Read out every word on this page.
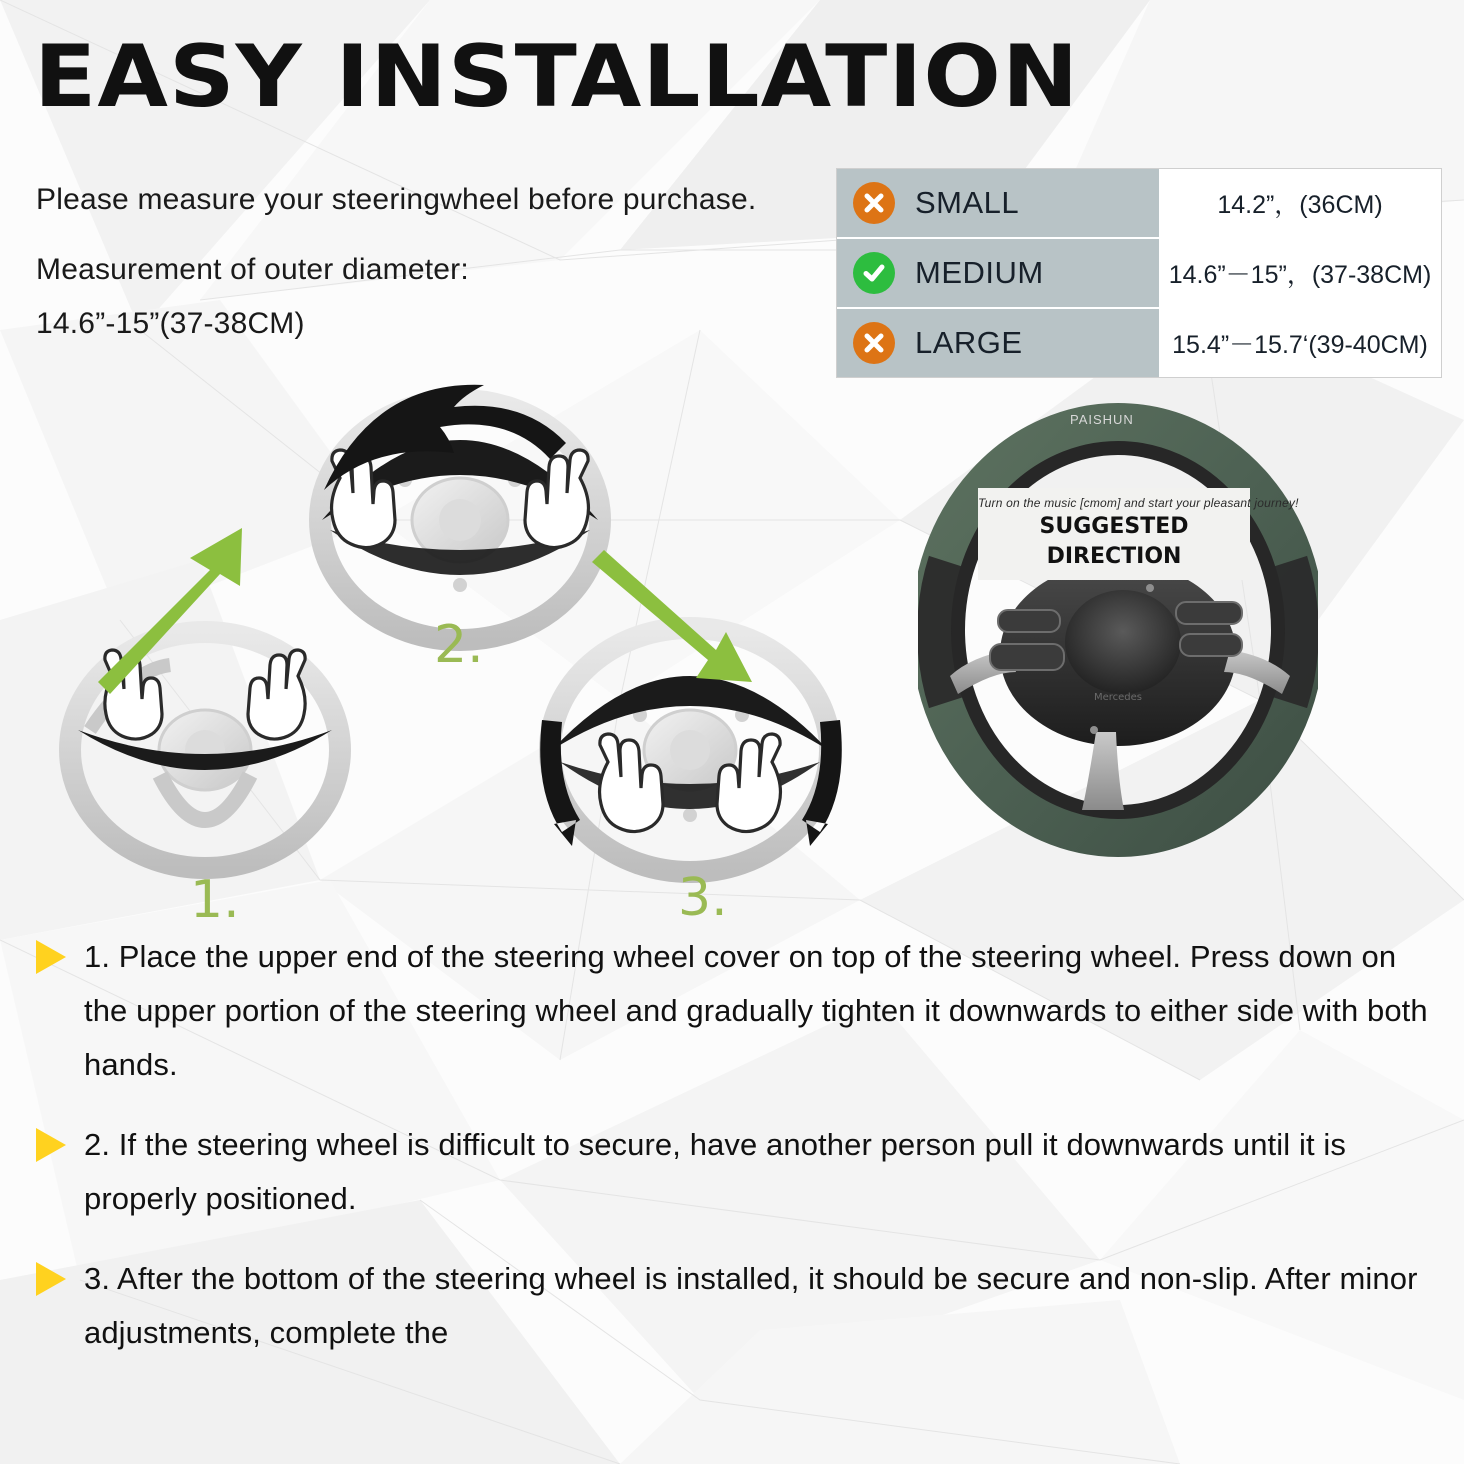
EASY INSTALLATION
Please measure your steeringwheel before purchase.
Measurement of outer diameter:
14.6”-15”(37-38CM)
SMALL	14.2”，(36CM)
MEDIUM	14.6”－15”，(37-38CM)
LARGE	15.4”－15.7‘(39-40CM)
1.
2.
3.
Mercedes
PAISHUN
Turn on the music [cmom] and start your pleasant journey!
SUGGESTED
DIRECTION
1. Place the upper end of the steering wheel cover on top of the steering wheel. Press down on the upper portion of the steering wheel and gradually tighten it downwards to either side with both hands.
2. If the steering wheel is difficult to secure, have another person pull it downwards until it is properly positioned.
3. After the bottom of the steering wheel is installed, it should be secure and non-slip. After minor adjustments, complete the
